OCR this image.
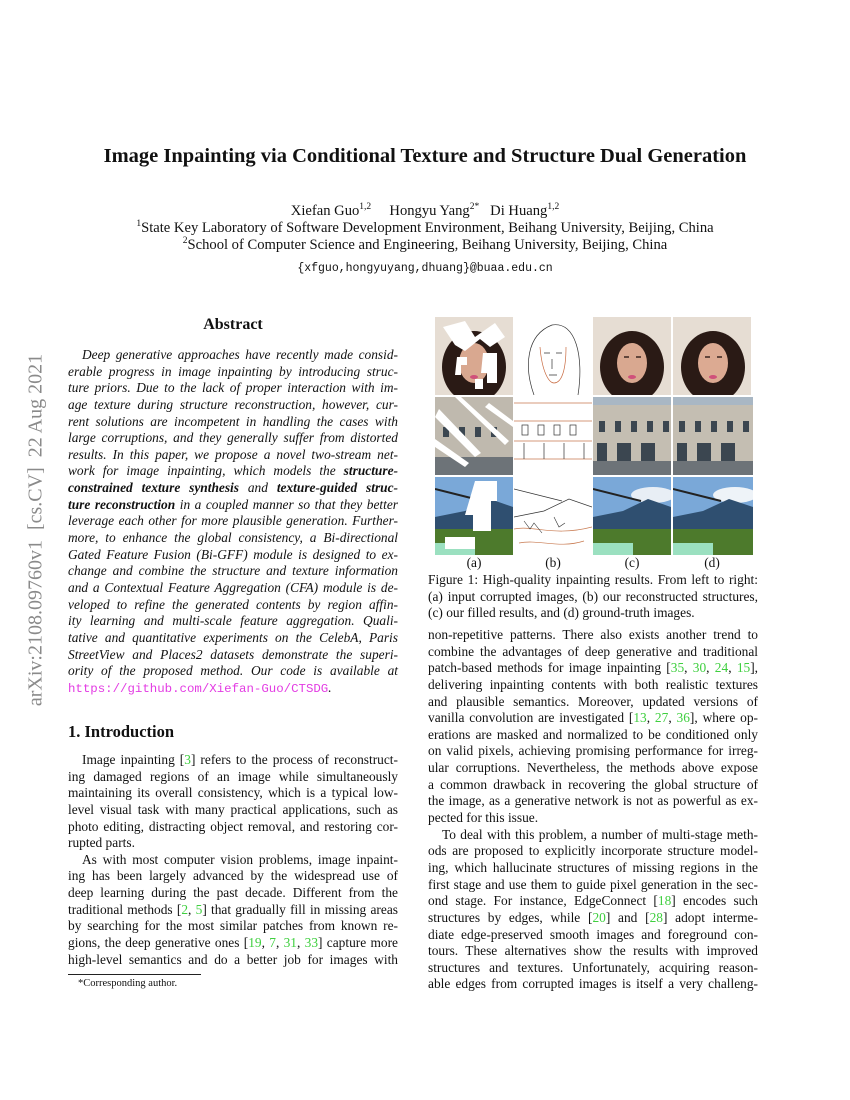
arXiv:2108.09760v1  [cs.CV]  22 Aug 2021
Image Inpainting via Conditional Texture and Structure Dual Generation
Xiefan Guo$^{1,2}$ Hongyu Yang$^{2*}$ Di Huang$^{1,2}$
$^1$State Key Laboratory of Software Development Environment, Beihang University, Beijing, China
$^2$School of Computer Science and Engineering, Beihang University, Beijing, China
{xfguo,hongyuyang,dhuang}@buaa.edu.cn
Abstract
Deep generative approaches have recently made consid-
erable progress in image inpainting by introducing struc-
ture priors. Due to the lack of proper interaction with im-
age texture during structure reconstruction, however, cur-
rent solutions are incompetent in handling the cases with
large corruptions, and they generally suffer from distorted
results. In this paper, we propose a novel two-stream net-
work for image inpainting, which models the structure-
constrained texture synthesis and texture-guided struc-
ture reconstruction in a coupled manner so that they better
leverage each other for more plausible generation. Further-
more, to enhance the global consistency, a Bi-directional
Gated Feature Fusion (Bi-GFF) module is designed to ex-
change and combine the structure and texture information
and a Contextual Feature Aggregation (CFA) module is de-
veloped to refine the generated contents by region affin-
ity learning and multi-scale feature aggregation. Quali-
tative and quantitative experiments on the CelebA, Paris
StreetView and Places2 datasets demonstrate the superi-
ority of the proposed method. Our code is available at
https://github.com/Xiefan-Guo/CTSDG.
1. Introduction
Image inpainting [3] refers to the process of reconstruct-
ing damaged regions of an image while simultaneously
maintaining its overall consistency, which is a typical low-
level visual task with many practical applications, such as
photo editing, distracting object removal, and restoring cor-
rupted parts.
As with most computer vision problems, image inpaint-
ing has been largely advanced by the widespread use of
deep learning during the past decade. Different from the
traditional methods [2, 5] that gradually fill in missing areas
by searching for the most similar patches from known re-
gions, the deep generative ones [19, 7, 31, 33] capture more
high-level semantics and do a better job for images with
*Corresponding author.
(a)	(b)	(c)	(d)
Figure 1: High-quality inpainting results. From left to right:
(a) input corrupted images, (b) our reconstructed structures,
(c) our filled results, and (d) ground-truth images.
non-repetitive patterns. There also exists another trend to
combine the advantages of deep generative and traditional
patch-based methods for image inpainting [35, 30, 24, 15],
delivering inpainting contents with both realistic textures
and plausible semantics. Moreover, updated versions of
vanilla convolution are investigated [13, 27, 36], where op-
erations are masked and normalized to be conditioned only
on valid pixels, achieving promising performance for irreg-
ular corruptions. Nevertheless, the methods above expose
a common drawback in recovering the global structure of
the image, as a generative network is not as powerful as ex-
pected for this issue.
To deal with this problem, a number of multi-stage meth-
ods are proposed to explicitly incorporate structure model-
ing, which hallucinate structures of missing regions in the
first stage and use them to guide pixel generation in the sec-
ond stage. For instance, EdgeConnect [18] encodes such
structures by edges, while [20] and [28] adopt interme-
diate edge-preserved smooth images and foreground con-
tours. These alternatives show the results with improved
structures and textures. Unfortunately, acquiring reason-
able edges from corrupted images is itself a very challeng-
